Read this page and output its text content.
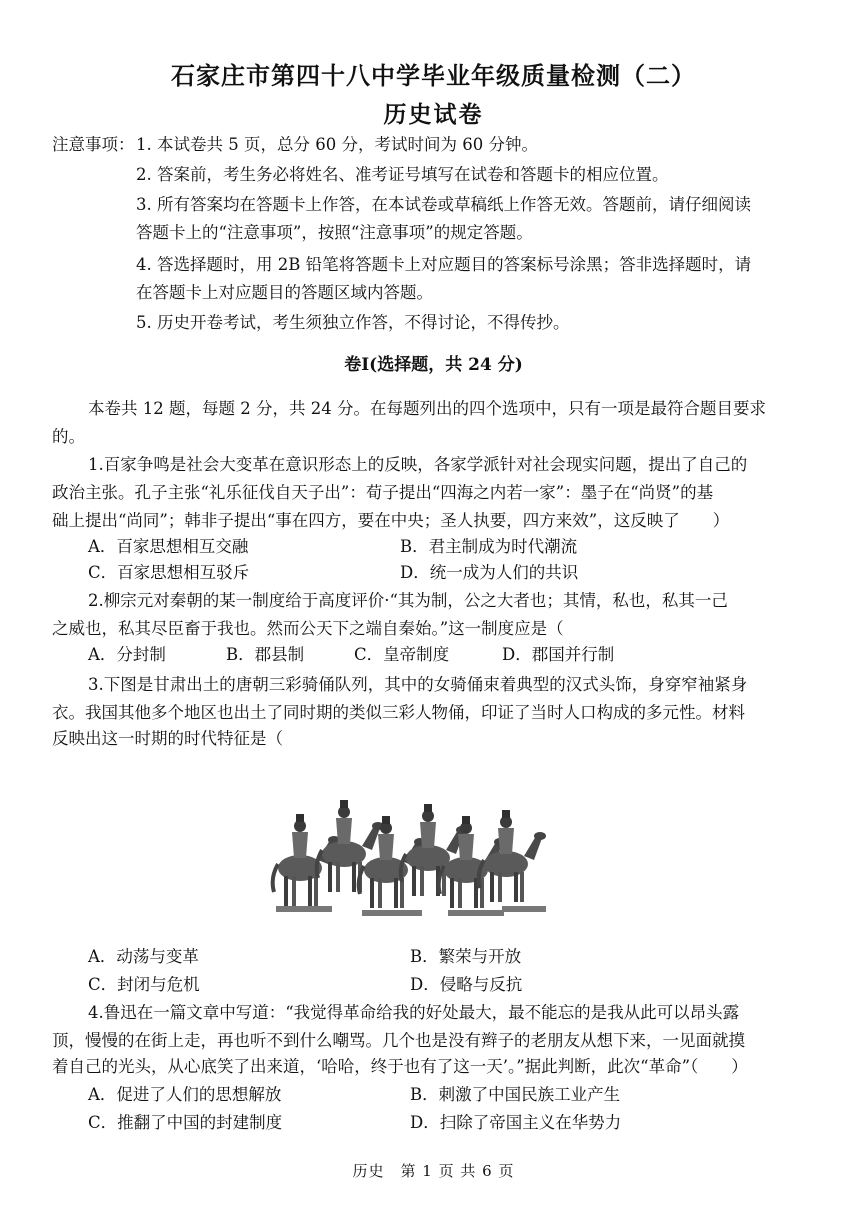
石家庄市第四十八中学毕业年级质量检测（二）
历史试卷
注意事项： 1. 本试卷共 5 页，总分 60 分，考试时间为 60 分钟。
2. 答案前，考生务必将姓名、准考证号填写在试卷和答题卡的相应位置。
3. 所有答案均在答题卡上作答，在本试卷或草稿纸上作答无效。答题前，请仔细阅读
答题卡上的“注意事项”，按照“注意事项”的规定答题。
4. 答选择题时，用 2B 铅笔将答题卡上对应题目的答案标号涂黑；答非选择题时，请
在答题卡上对应题目的答题区域内答题。
5. 历史开卷考试，考生须独立作答，不得讨论，不得传抄。
卷Ⅰ(选择题，共 24 分)
本卷共 12 题，每题 2 分，共 24 分。在每题列出的四个选项中，只有一项是最符合题目要求
的。
1.百家争鸣是社会大变革在意识形态上的反映，各家学派针对社会现实问题，提出了自己的
政治主张。孔子主张“礼乐征伐自天子出”：荀子提出“四海之内若一家”：墨子在“尚贤”的基
础上提出“尚同”；韩非子提出“事在四方，要在中央；圣人执要，四方来效”，这反映了　　）
A．百家思想相互交融	B．君主制成为时代潮流
C．百家思想相互驳斥	D．统一成为人们的共识
2.柳宗元对秦朝的某一制度给于高度评价·“其为制，公之大者也；其情，私也，私其一己
之威也，私其尽臣畜于我也。然而公天下之端自秦始。”这一制度应是（
A．分封制	B．郡县制	C．皇帝制度	D．郡国并行制
3.下图是甘肃出土的唐朝三彩骑俑队列，其中的女骑俑束着典型的汉式头饰，身穿窄袖紧身
衣。我国其他多个地区也出土了同时期的类似三彩人物俑，印证了当时人口构成的多元性。材料
反映出这一时期的时代特征是（
A．动荡与变革	B．繁荣与开放
C．封闭与危机	D．侵略与反抗
4.鲁迅在一篇文章中写道：“我觉得革命给我的好处最大，最不能忘的是我从此可以昂头露
顶，慢慢的在街上走，再也听不到什么嘲骂。几个也是没有辫子的老朋友从想下来，一见面就摸
着自己的光头，从心底笑了出来道，‘哈哈，终于也有了这一天’。”据此判断，此次“革命”（　　）
A．促进了人们的思想解放	B．刺激了中国民族工业产生
C．推翻了中国的封建制度	D．扫除了帝国主义在华势力
历史　第 1 页 共 6 页
